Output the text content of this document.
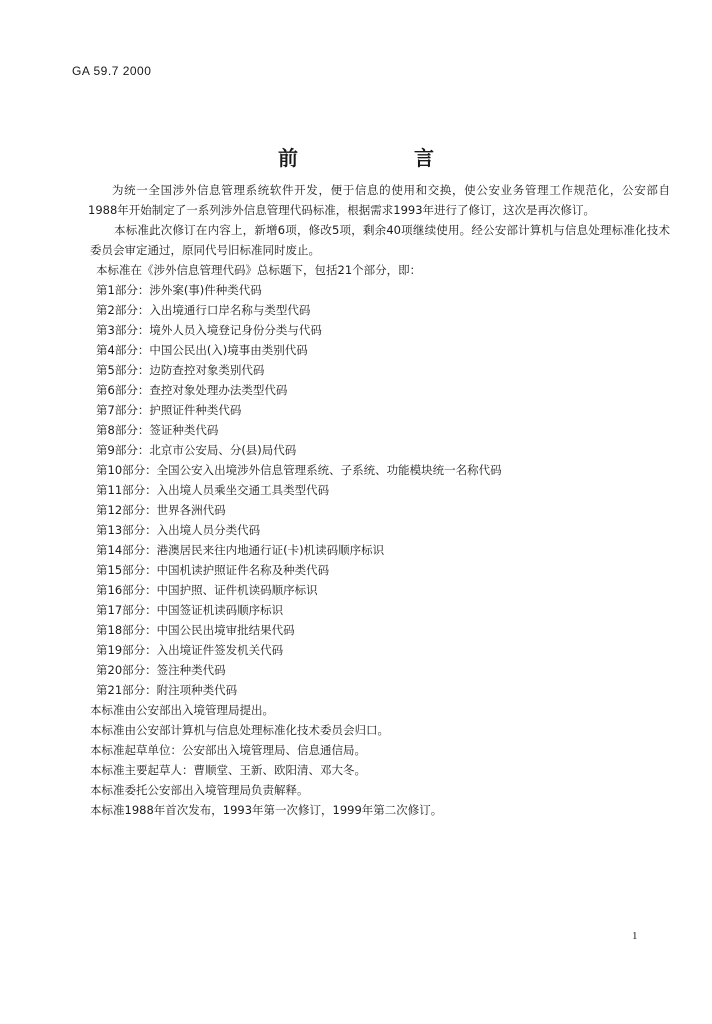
GA 59.7 2000
前　言

为统一全国涉外信息管理系统软件开发，便于信息的使用和交换，使公安业务管理工作规范化，公安部自1988年开始制定了一系列涉外信息管理代码标准，根据需求1993年进行了修订，这次是再次修订。

本标准此次修订在内容上，新增6项，修改5项，剩余40项继续使用。经公安部计算机与信息处理标准化技术委员会审定通过，原同代号旧标准同时废止。

本标准在《涉外信息管理代码》总标题下，包括21个部分，即：

第1部分：涉外案(事)件种类代码
第2部分：入出境通行口岸名称与类型代码
第3部分：境外人员入境登记身份分类与代码
第4部分：中国公民出(入)境事由类别代码
第5部分：边防查控对象类别代码
第6部分：查控对象处理办法类型代码
第7部分：护照证件种类代码
第8部分：签证种类代码
第9部分：北京市公安局、分(县)局代码
第10部分：全国公安入出境涉外信息管理系统、子系统、功能模块统一名称代码
第11部分：入出境人员乘坐交通工具类型代码
第12部分：世界各洲代码
第13部分：入出境人员分类代码
第14部分：港澳居民来往内地通行证(卡)机读码顺序标识
第15部分：中国机读护照证件名称及种类代码
第16部分：中国护照、证件机读码顺序标识
第17部分：中国签证机读码顺序标识
第18部分：中国公民出境审批结果代码
第19部分：入出境证件签发机关代码
第20部分：签注种类代码
第21部分：附注项种类代码

本标准由公安部出入境管理局提出。

本标准由公安部计算机与信息处理标准化技术委员会归口。

本标准起草单位：公安部出入境管理局、信息通信局。

本标准主要起草人：曹顺堂、王新、欧阳清、邓大冬。

本标准委托公安部出入境管理局负责解释。

本标准1988年首次发布，1993年第一次修订，1999年第二次修订。

1
